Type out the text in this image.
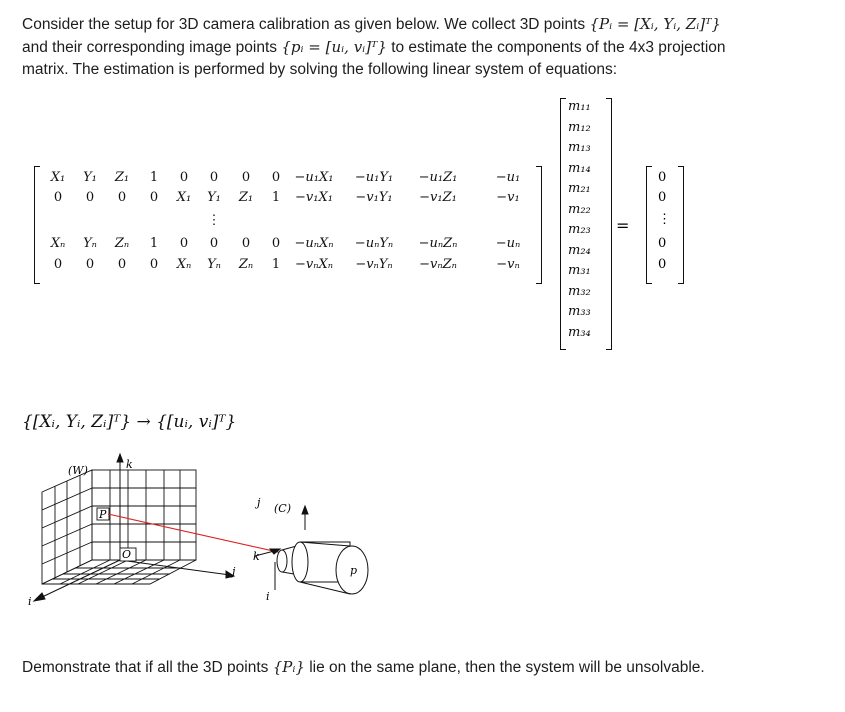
Consider the setup for 3D camera calibration as given below. We collect 3D points {Pᵢ = [Xᵢ, Yᵢ, Zᵢ]ᵀ}

and their corresponding image points {pᵢ = [uᵢ, vᵢ]ᵀ} to estimate the components of the 4x3 projection

matrix. The estimation is performed by solving the following linear system of equations:

X₁ Y₁ Z₁ 1 0 0 0 0 −u₁X₁ −u₁Y₁ −u₁Z₁	−u₁
0 0 0 0 X₁ Y₁ Z₁ 1 −v₁X₁ −v₁Y₁ −v₁Z₁	−v₁
⋮
Xₙ Yₙ Zₙ 1 0 0 0 0 −uₙXₙ −uₙYₙ −uₙZₙ	−uₙ
0 0 0 0 Xₙ Yₙ Zₙ 1 −vₙXₙ −vₙYₙ −vₙZₙ	−vₙ
m₁₁
m₁₂
m₁₃
m₁₄
m₂₁
m₂₂
m₂₃
m₂₄
m₃₁
m₃₂
m₃₃
m₃₄
=
0
0
⋮
0
0
{[Xᵢ, Yᵢ, Zᵢ]ᵀ} → {[uᵢ, vᵢ]ᵀ}
P
O
p
(W)	k
j
i
j (C)
k
i
Demonstrate that if all the 3D points {Pᵢ} lie on the same plane, then the system will be unsolvable.
